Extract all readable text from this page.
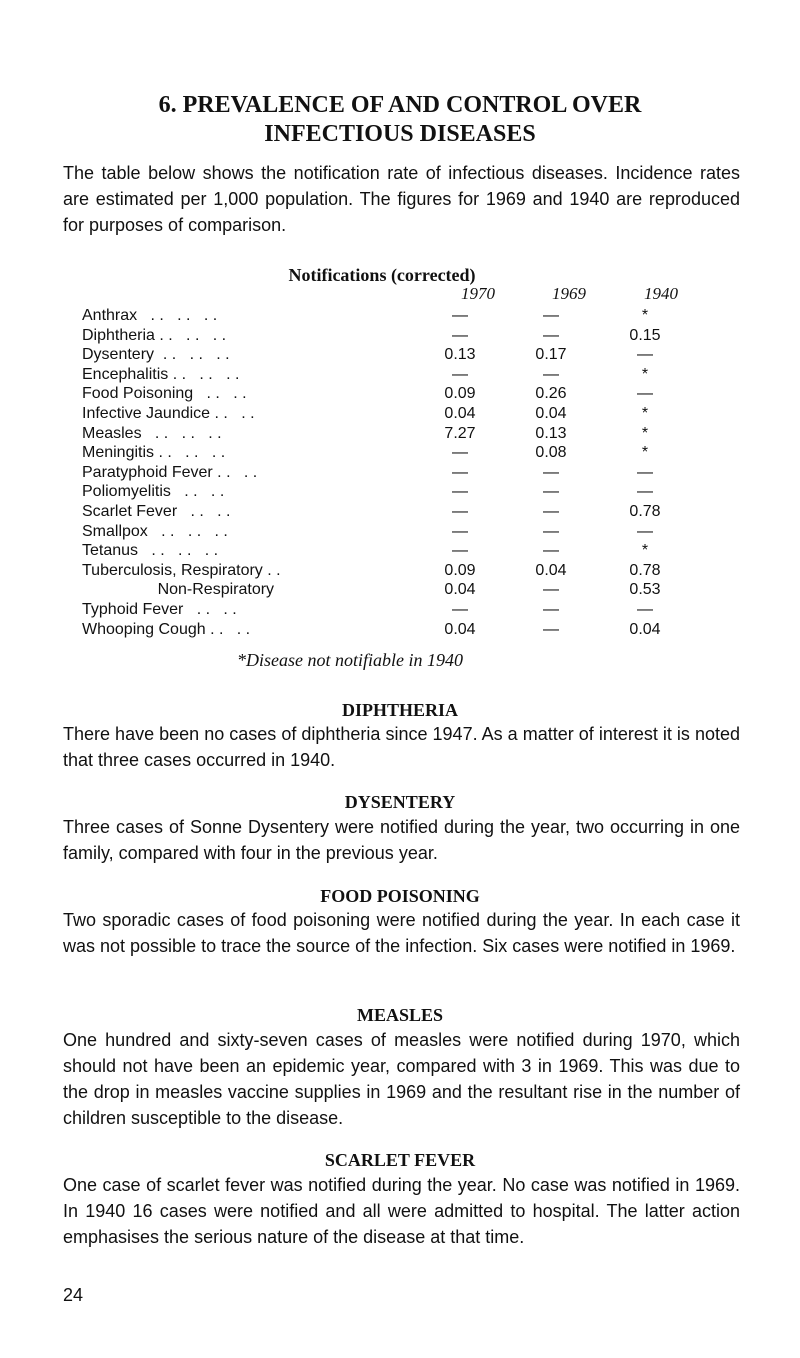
6. PREVALENCE OF AND CONTROL OVER
INFECTIOUS DISEASES

The table below shows the notification rate of infectious diseases. Incidence rates are estimated per 1,000 population. The figures for 1969 and 1940 are reproduced for purposes of comparison.

Notifications (corrected)
1970	1969	1940
Anthrax   . .   . .   . .	—	—	*
Diphtheria . .   . .   . .	—	—	0.15
Dysentery  . .   . .   . .	0.13	0.17	—
Encephalitis . .   . .   . .	—	—	*
Food Poisoning   . .   . .	0.09	0.26	—
Infective Jaundice . .   . .	0.04	0.04	*
Measles   . .   . .   . .	7.27	0.13	*
Meningitis . .   . .   . .	—	0.08	*
Paratyphoid Fever . .   . .	—	—	—
Poliomyelitis   . .   . .	—	—	—
Scarlet Fever   . .   . .	—	—	0.78
Smallpox   . .   . .   . .	—	—	—
Tetanus   . .   . .   . .	—	—	*
Tuberculosis, Respiratory . .	0.09	0.04	0.78
Non-Respiratory	0.04	—	0.53
Typhoid Fever   . .   . .	—	—	—
Whooping Cough . .   . .	0.04	—	0.04
*Disease not notifiable in 1940
DIPHTHERIA

There have been no cases of diphtheria since 1947. As a matter of interest it is noted that three cases occurred in 1940.

DYSENTERY

Three cases of Sonne Dysentery were notified during the year, two occurring in one family, compared with four in the previous year.

FOOD POISONING

Two sporadic cases of food poisoning were notified during the year. In each case it was not possible to trace the source of the infection. Six cases were notified in 1969.

MEASLES

One hundred and sixty-seven cases of measles were notified during 1970, which should not have been an epidemic year, compared with 3 in 1969. This was due to the drop in measles vaccine supplies in 1969 and the resultant rise in the number of children susceptible to the disease.

SCARLET FEVER

One case of scarlet fever was notified during the year. No case was notified in 1969. In 1940 16 cases were notified and all were admitted to hospital. The latter action emphasises the serious nature of the disease at that time.

24
